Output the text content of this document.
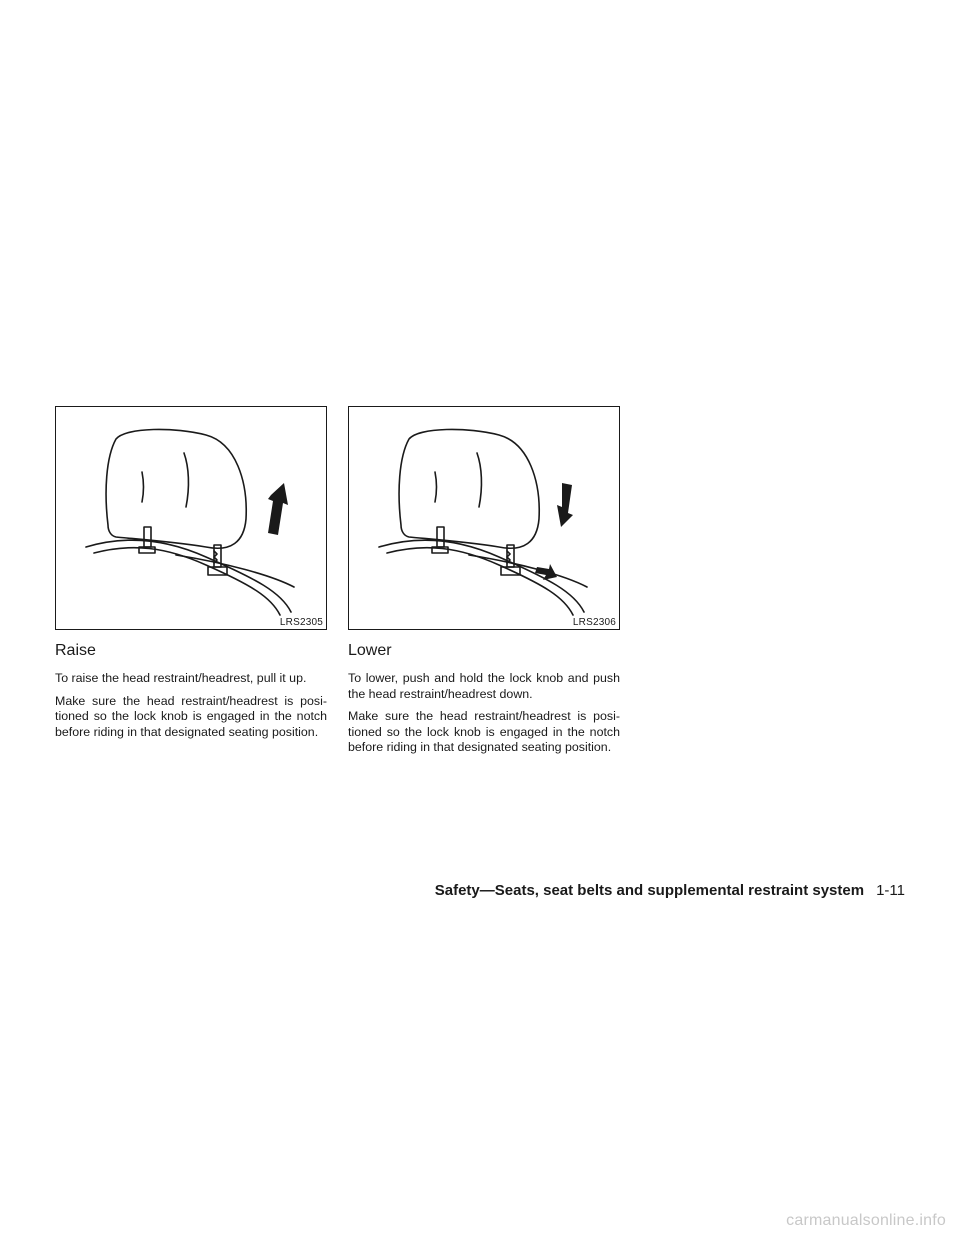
LRS2305
Raise

To raise the head restraint/headrest, pull it up.

Make sure the head restraint/headrest is positioned so the lock knob is engaged in the notch before riding in that designated seating position.

LRS2306
Lower

To lower, push and hold the lock knob and push the head restraint/headrest down.

Make sure the head restraint/headrest is positioned so the lock knob is engaged in the notch before riding in that designated seating position.

Safety—Seats, seat belts and supplemental restraint system 1-11
carmanualsonline.info
